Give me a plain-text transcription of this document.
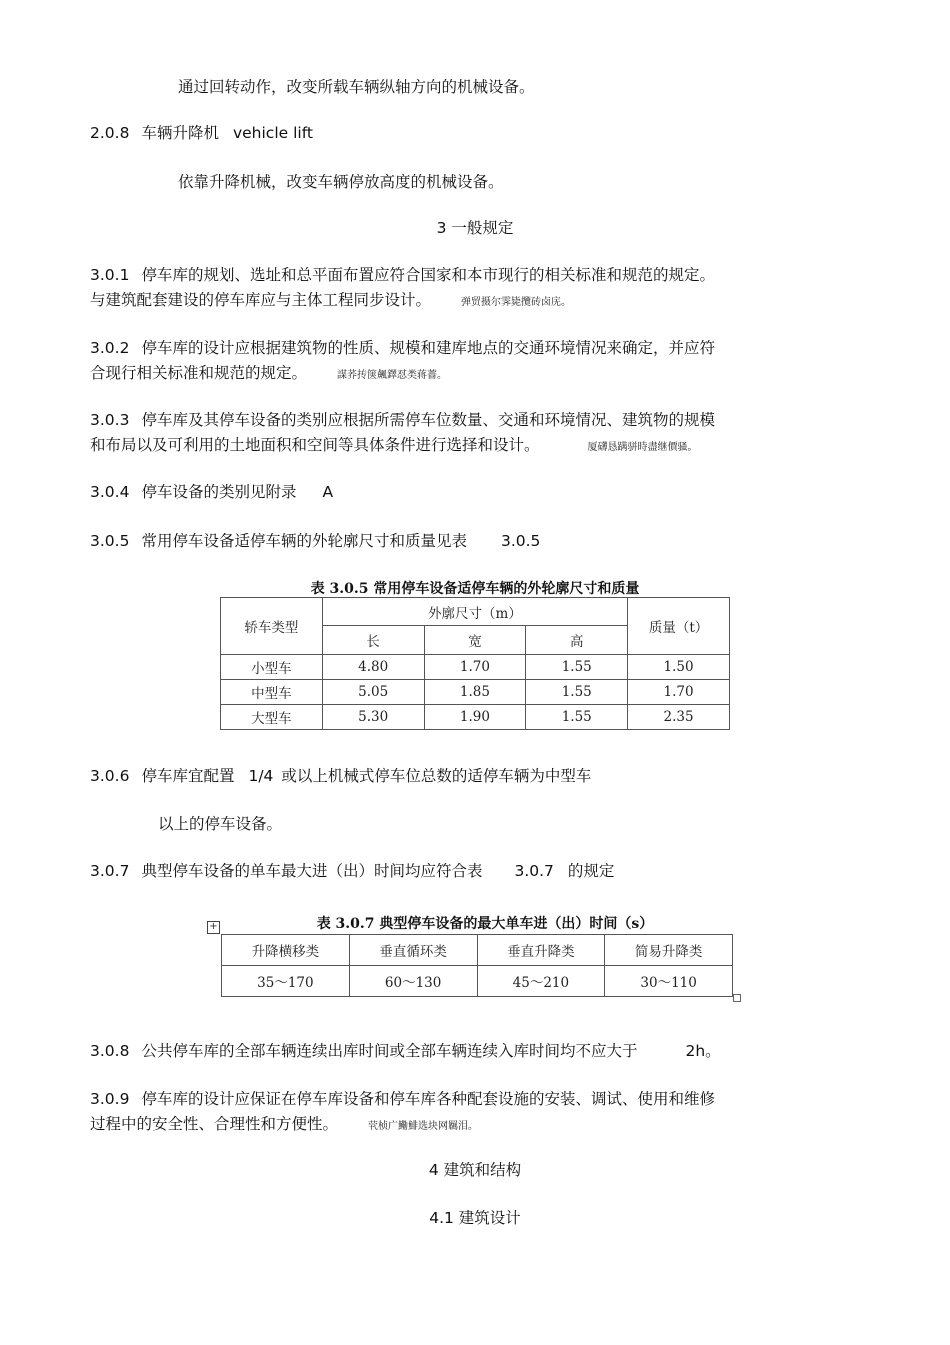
通过回转动作，改变所载车辆纵轴方向的机械设备。
2.0.8 车辆升降机 vehicle lift
依靠升降机械，改变车辆停放高度的机械设备。
3 一般规定
3.0.1 停车库的规划、选址和总平面布置应符合国家和本市现行的相关标准和规范的规定。
与建筑配套建设的停车库应与主体工程同步设计。	弹贸摄尔霁毙攬砖卤庑。
3.0.2 停车库的设计应根据建筑物的性质、规模和建库地点的交通环境情况来确定，并应符
合现行相关标准和规范的规定。	謀荞抟箧飆鐸怼类蒋薔。
3.0.3 停车库及其停车设备的类别应根据所需停车位数量、交通和环境情况、建筑物的规模
和布局以及可利用的土地面积和空间等具体条件进行选择和设计。	厦礴恳蹒骈時盡继價骚。
3.0.4 停车设备的类别见附录 A
3.0.5 常用停车设备适停车辆的外轮廓尺寸和质量见表 3.0.5
表 3.0.5 常用停车设备适停车辆的外轮廓尺寸和质量
轿车类型	外廓尺寸（m）			质量（t）
	长	宽	高	
小型车	4.80	1.70	1.55	1.50
中型车	5.05	1.85	1.55	1.70
大型车	5.30	1.90	1.55	2.35
3.0.6 停车库宜配置 1/4 或以上机械式停车位总数的适停车辆为中型车
以上的停车设备。
3.0.7 典型停车设备的单车最大进（出）时间均应符合表 3.0.7 的规定
+	表 3.0.7 典型停车设备的最大单车进（出）时间（s）
升降横移类	垂直循环类	垂直升降类	简易升降类
35～170	60～130	45～210	30～110
3.0.8 公共停车库的全部车辆连续出库时间或全部车辆连续入库时间均不应大于	2h。
3.0.9 停车库的设计应保证在停车库设备和停车库各种配套设施的安装、调试、使用和维修
过程中的安全性、合理性和方便性。	茕桢广鰳鯡选块网羈泪。
4 建筑和结构
4.1 建筑设计
